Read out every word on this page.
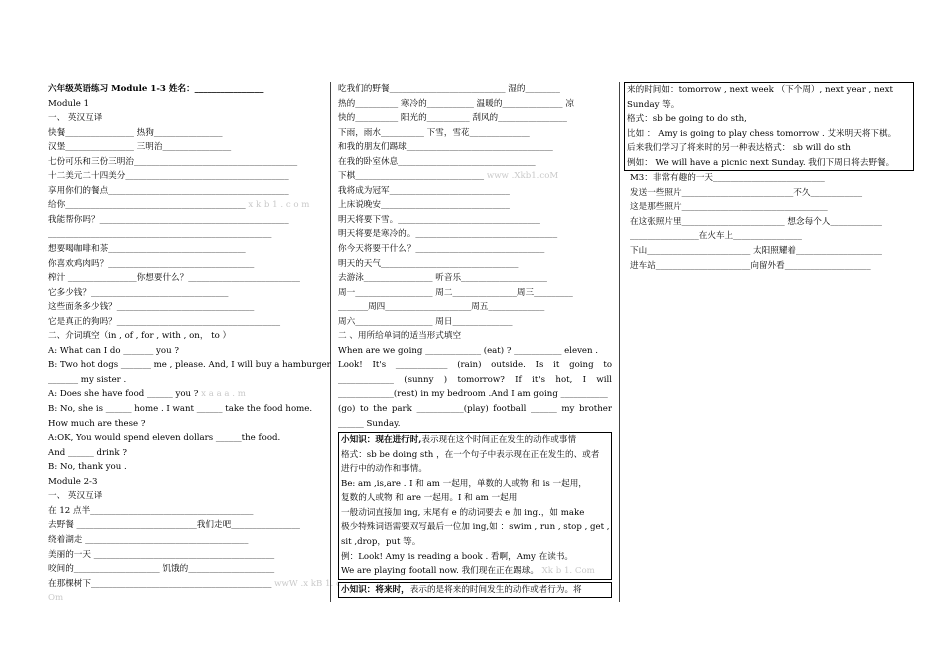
六年级英语练习 Module 1-3 姓名：________________
Module 1
一、 英汉互译
快餐________________ 热狗________________
汉堡________________ 三明治________________
七份可乐和三份三明治______________________________________
十二美元二十四美分______________________________________
享用你们的餐点__________________________________________
给你__________________________________________ x k b 1 . c o m
我能帮你吗？____________________________________________
____________________________________________________
想要喝咖啡和茶________________________________
你喜欢鸡肉吗？__________________________________
榨汁 ________________你想要什么？__________________________
它多少钱？________________________________
这些面条多少钱？________________________________
它是真正的狗吗？______________________________________
二、介词填空（in , of , for , with , on， to ）
A: What can I do _______ you ?
B: Two hot dogs _______ me , please. And, I will buy a hamburger
_______ my sister .
A: Does she have food ______ you ? x a a a . m
B: No, she is ______ home . I want ______ take the food home.
How much are these ?
A:OK, You would spend eleven dollars ______the food.
And ______ drink ?
B: No, thank you .
Module 2-3
一、 英汉互译
在 12 点半______________________________________
去野餐 ____________________________我们走吧________________
绕着湖走 ______________________________________
美丽的一天 __________________________________________
咬间的____________________ 饥饿的____________________
在那棵树下__________________________________________ wwW .x kB 1. c
Om
吃我们的野餐___________________________ 湿的________
热的__________ 寒冷的___________ 温暖的______________ 凉
快的__________ 阳光的__________ 刮风的________________
下雨，雨水__________ 下雪，雪花______________
和我的朋友们踢球__________________________________
在我的卧室休息________________________________
下棋______________________________ www .Xkb1.coM
我将成为冠军____________________________
上床说晚安______________________________
明天将要下雪。_________________________________
明天将要是寒冷的。_________________________________
你今天将要干什么？______________________________
明天的天气________________________________
去游泳________________ 听音乐____________________
周一__________________ 周二_______________周三_________
_______周四____________________周五_____________
周六__________________ 周日______________
二 、用所给单词的适当形式填空
When are we going _____________ (eat) ? ___________ eleven .
Look! It's ____________ (rain) outside. Is it going to
_____________ (sunny ) tomorrow? If it's hot, I will
_____________(rest) in my bedroom .And I am going ___________
(go) to the park ___________(play) football ______ my brother
______ Sunday.
小知识：现在进行时,表示现在这个时间正在发生的动作或事情
格式：sb be doing sth ，在一个句子中表示现在正在发生的、或者
进行中的动作和事情。
Be: am ,is,are . I 和 am 一起用，单数的人或物 和 is 一起用，
复数的人或物 和 are 一起用。I 和 am 一起用
一般动词直接加 ing, 末尾有 e 的动词要去 e 加 ing.，如 make
极少特殊词语需要双写最后一位加 ing,如 ：swim , run , stop , get ,
sit ,drop，put 等。
例：Look! Amy is reading a book . 看啊，Amy 在读书。
We are playing footall now. 我们现在正在踢球。 Xk b 1. Com
小知识：将来时，表示的是将来的时间发生的动作或者行为。将
来的时间如：tomorrow , next week （下个周）, next year , next Sunday 等。
格式：sb be going to do sth,
比如 ： Amy is going to play chess tomorrow . 艾米明天将下棋。
后来我们学习了将来时的另一种表达格式： sb will do sth
例如： We will have a picnic next Sunday. 我们下周日将去野餐。
M3：非常有趣的一天__________________________
发送一些照片__________________________不久____________
这是那些照片__________________________________
在这张照片里________________________ 想念每个人____________
________________在火车上________________
下山________________________ 太阳照耀着____________________
进车站______________________向留外看____________________
